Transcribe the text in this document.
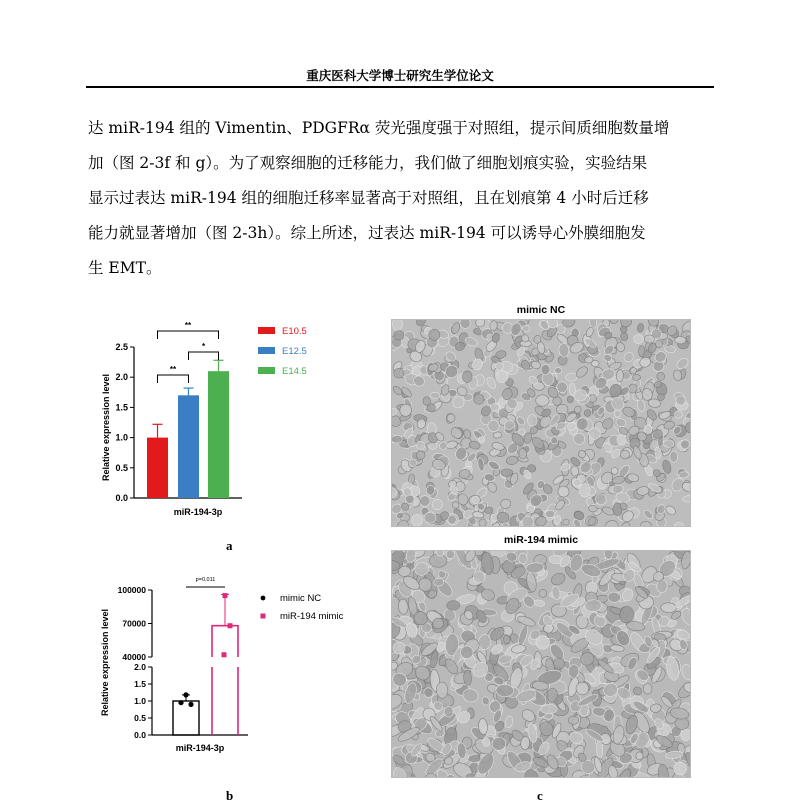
重庆医科大学博士研究生学位论文

达 miR-194 组的 Vimentin、PDGFRα 荧光强度强于对照组，提示间质细胞数量增

加（图 2-3f 和 g）。为了观察细胞的迁移能力，我们做了细胞划痕实验，实验结果

显示过表达 miR-194 组的细胞迁移率显著高于对照组，且在划痕第 4 小时后迁移

能力就显著增加（图 2-3h）。综上所述，过表达 miR-194 可以诱导心外膜细胞发

生 EMT。

0.0
0.5
1.0
1.5
2.0
2.5
miR-194-3p
Relative expression level
**
*
**
E10.5
E12.5
E14.5
a
40000
70000
100000
0.0
0.5
1.0
1.5
2.0
miR-194-3p
Relative expression level
p=0.011
mimic NC
miR-194 mimic
b
mimic NC
miR-194 mimic
c
